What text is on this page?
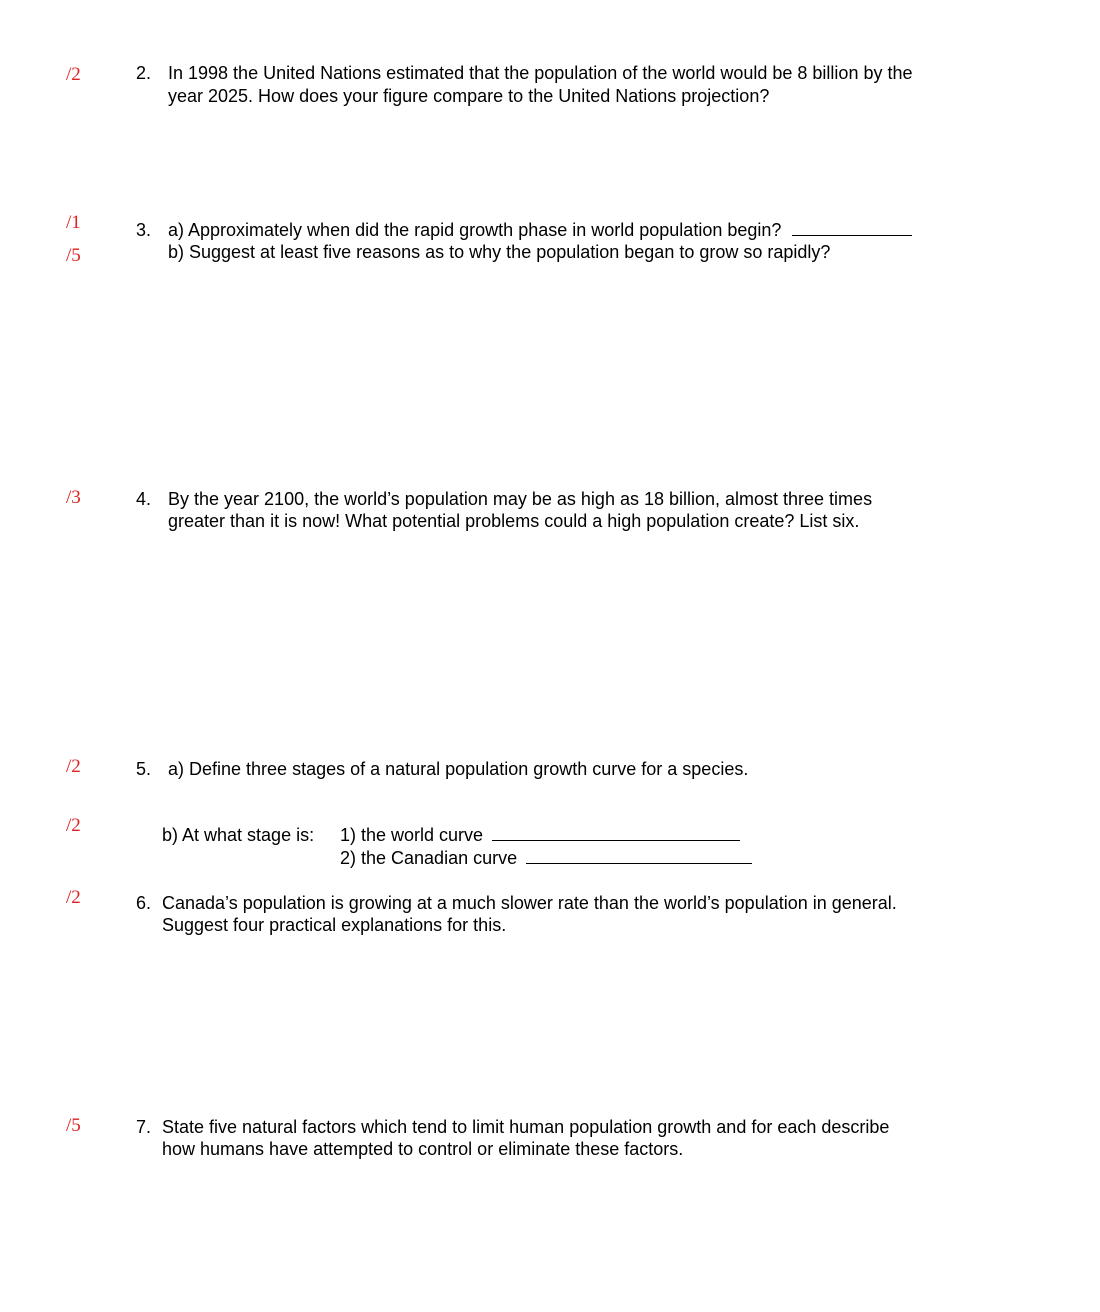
/2
/1
/5
/3
/2
/2
/2
/5
2. In 1998 the United Nations estimated that the population of the world would be 8 billion by the
year 2025. How does your figure compare to the United Nations projection?
3. a) Approximately when did the rapid growth phase in world population begin?
b) Suggest at least five reasons as to why the population began to grow so rapidly?
4. By the year 2100, the world’s population may be as high as 18 billion, almost three times
greater than it is now! What potential problems could a high population create? List six.
5. a) Define three stages of a natural population growth curve for a species.
b) At what stage is: 1) the world curve
2) the Canadian curve
6. Canada’s population is growing at a much slower rate than the world’s population in general.
Suggest four practical explanations for this.
7. State five natural factors which tend to limit human population growth and for each describe
how humans have attempted to control or eliminate these factors.
